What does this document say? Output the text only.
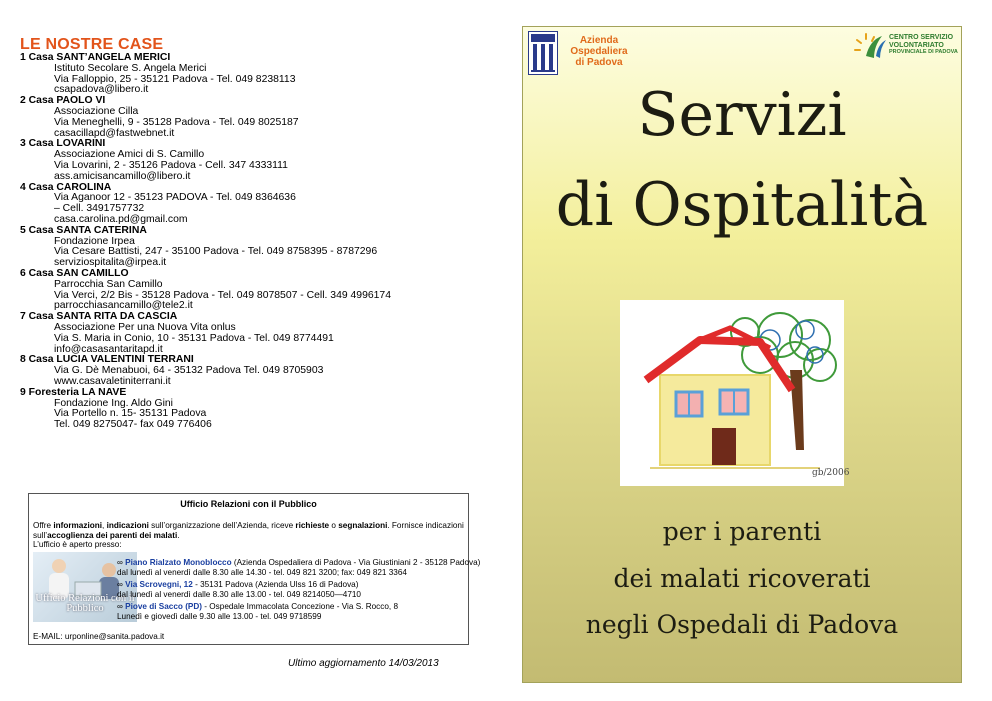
LE NOSTRE CASE
1 Casa SANT’ANGELA MERICI
Istituto Secolare S. Angela Merici
Via Falloppio, 25 - 35121 Padova - Tel. 049 8238113
csapadova@libero.it
2 Casa PAOLO VI
Associazione Cilla
Via Meneghelli, 9 - 35128 Padova - Tel. 049 8025187
casacillapd@fastwebnet.it
3 Casa LOVARINI
Associazione Amici di S. Camillo
Via Lovarini, 2 - 35126 Padova - Cell. 347 4333111
ass.amicisancamillo@libero.it
4 Casa CAROLINA
Via Aganoor 12 - 35123 PADOVA - Tel. 049 8364636
– Cell. 3491757732
casa.carolina.pd@gmail.com
5 Casa SANTA CATERINA
Fondazione Irpea
Via Cesare Battisti, 247 - 35100 Padova - Tel. 049 8758395 - 8787296
serviziospitalita@irpea.it
6 Casa SAN CAMILLO
Parrocchia San Camillo
Via Verci, 2/2 Bis - 35128 Padova - Tel. 049 8078507 - Cell. 349 4996174
parrocchiasancamillo@tele2.it
7 Casa SANTA RITA DA CASCIA
Associazione Per una Nuova Vita onlus
Via S. Maria in Conio, 10 - 35131 Padova - Tel. 049 8774491
info@casasantaritapd.it
8 Casa LUCIA VALENTINI TERRANI
Via G. Dè Menabuoi, 64 - 35132 Padova Tel. 049 8705903
www.casavaletiniterrani.it
9 Foresteria LA NAVE
Fondazione Ing. Aldo Gini
Via Portello n. 15- 35131 Padova
Tel. 049 8275047- fax 049 776406
Ufficio Relazioni con il Pubblico
Offre informazioni, indicazioni sull’organizzazione dell’Azienda, riceve richieste o segnalazioni. Fornisce indicazioni sull’accoglienza dei parenti dei malati.
L’ufficio è aperto presso:
Ufficio Relazioni con il Pubblico
∞ Piano Rialzato Monoblocco (Azienda Ospedaliera di Padova - Via Giustiniani 2 - 35128 Padova)
dal lunedì al venerdì dalle 8.30 alle 14.30 - tel. 049 821 3200; fax: 049 821 3364
∞ Via Scrovegni, 12 - 35131 Padova (Azienda Ulss 16 di Padova)
dal lunedì al venerdì dalle 8.30 alle 13.00 - tel. 049 8214050—4710
∞ Piove di Sacco (PD) - Ospedale Immacolata Concezione - Via S. Rocco, 8
Lunedì e giovedì dalle 9.30 alle 13.00 - tel. 049 9718599
E-MAIL: urponline@sanita.padova.it
Ultimo aggiornamento 14/03/2013
Azienda Ospedaliera
di Padova
CENTRO SERVIZIO
VOLONTARIATO
PROVINCIALE DI PADOVA
Servizi
di Ospitalità
gb/2006
per i parenti
dei malati ricoverati
negli Ospedali di Padova
